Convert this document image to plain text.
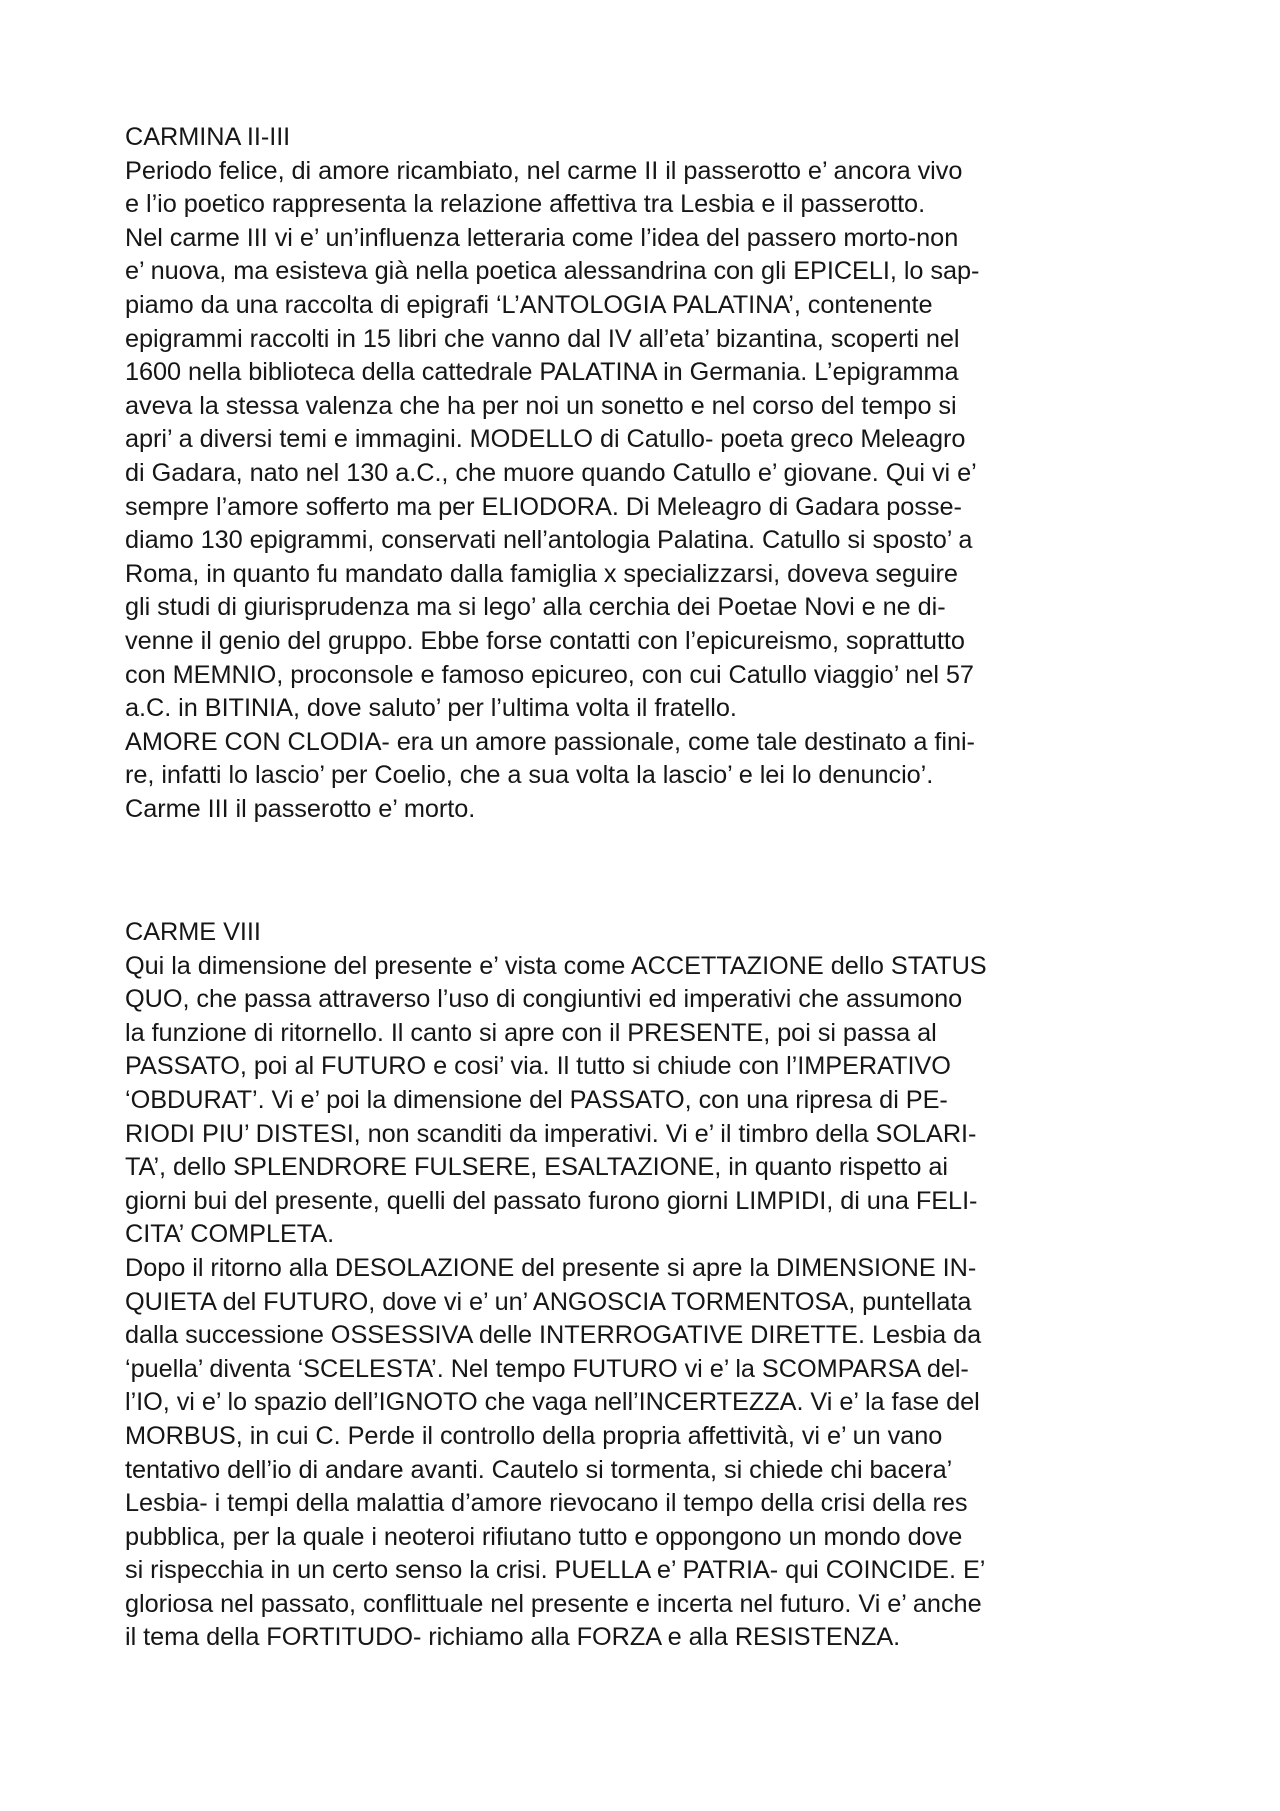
CARMINA II-III
Periodo felice, di amore ricambiato, nel carme II il passerotto e’ ancora vivo
e l’io poetico rappresenta la relazione affettiva tra Lesbia e il passerotto.
Nel carme III vi e’ un’influenza letteraria come l’idea del passero morto-non
e’ nuova, ma esisteva già nella poetica alessandrina con gli EPICELI, lo sap-
piamo da una raccolta di epigrafi ‘L’ANTOLOGIA PALATINA’, contenente
epigrammi raccolti in 15 libri che vanno dal IV all’eta’ bizantina, scoperti nel
1600 nella biblioteca della cattedrale PALATINA in Germania. L’epigramma
aveva la stessa valenza che ha per noi un sonetto e nel corso del tempo si
apri’ a diversi temi e immagini. MODELLO di Catullo- poeta greco Meleagro
di Gadara, nato nel 130 a.C., che muore quando Catullo e’ giovane. Qui vi e’
sempre l’amore sofferto ma per ELIODORA. Di Meleagro di Gadara posse-
diamo 130 epigrammi, conservati nell’antologia Palatina. Catullo si sposto’ a
Roma, in quanto fu mandato dalla famiglia x specializzarsi, doveva seguire
gli studi di giurisprudenza ma si lego’ alla cerchia dei Poetae Novi e ne di-
venne il genio del gruppo. Ebbe forse contatti con l’epicureismo, soprattutto
con MEMNIO, proconsole e famoso epicureo, con cui Catullo viaggio’ nel 57
a.C. in BITINIA, dove saluto’ per l’ultima volta il fratello.
AMORE CON CLODIA- era un amore passionale, come tale destinato a fini-
re, infatti lo lascio’ per Coelio, che a sua volta la lascio’ e lei lo denuncio’.
Carme III il passerotto e’ morto.
CARME VIII
Qui la dimensione del presente e’ vista come ACCETTAZIONE dello STATUS
QUO, che passa attraverso l’uso di congiuntivi ed imperativi che assumono
la funzione di ritornello. Il canto si apre con il PRESENTE, poi si passa al
PASSATO, poi al FUTURO e cosi’ via. Il tutto si chiude con l’IMPERATIVO
‘OBDURAT’. Vi e’ poi la dimensione del PASSATO, con una ripresa di PE-
RIODI PIU’ DISTESI, non scanditi da imperativi. Vi e’ il timbro della SOLARI-
TA’, dello SPLENDRORE FULSERE, ESALTAZIONE, in quanto rispetto ai
giorni bui del presente, quelli del passato furono giorni LIMPIDI, di una FELI-
CITA’ COMPLETA.
Dopo il ritorno alla DESOLAZIONE del presente si apre la DIMENSIONE IN-
QUIETA del FUTURO, dove vi e’ un’ ANGOSCIA TORMENTOSA, puntellata
dalla successione OSSESSIVA delle INTERROGATIVE DIRETTE. Lesbia da
‘puella’ diventa ‘SCELESTA’. Nel tempo FUTURO vi e’ la SCOMPARSA del-
l’IO, vi e’ lo spazio dell’IGNOTO che vaga nell’INCERTEZZA. Vi e’ la fase del
MORBUS, in cui C. Perde il controllo della propria affettività, vi e’ un vano
tentativo dell’io di andare avanti. Cautelo si tormenta, si chiede chi bacera’
Lesbia- i tempi della malattia d’amore rievocano il tempo della crisi della res
pubblica, per la quale i neoteroi rifiutano tutto e oppongono un mondo dove
si rispecchia in un certo senso la crisi. PUELLA e’ PATRIA- qui COINCIDE. E’
gloriosa nel passato, conflittuale nel presente e incerta nel futuro. Vi e’ anche
il tema della FORTITUDO- richiamo alla FORZA e alla RESISTENZA.
